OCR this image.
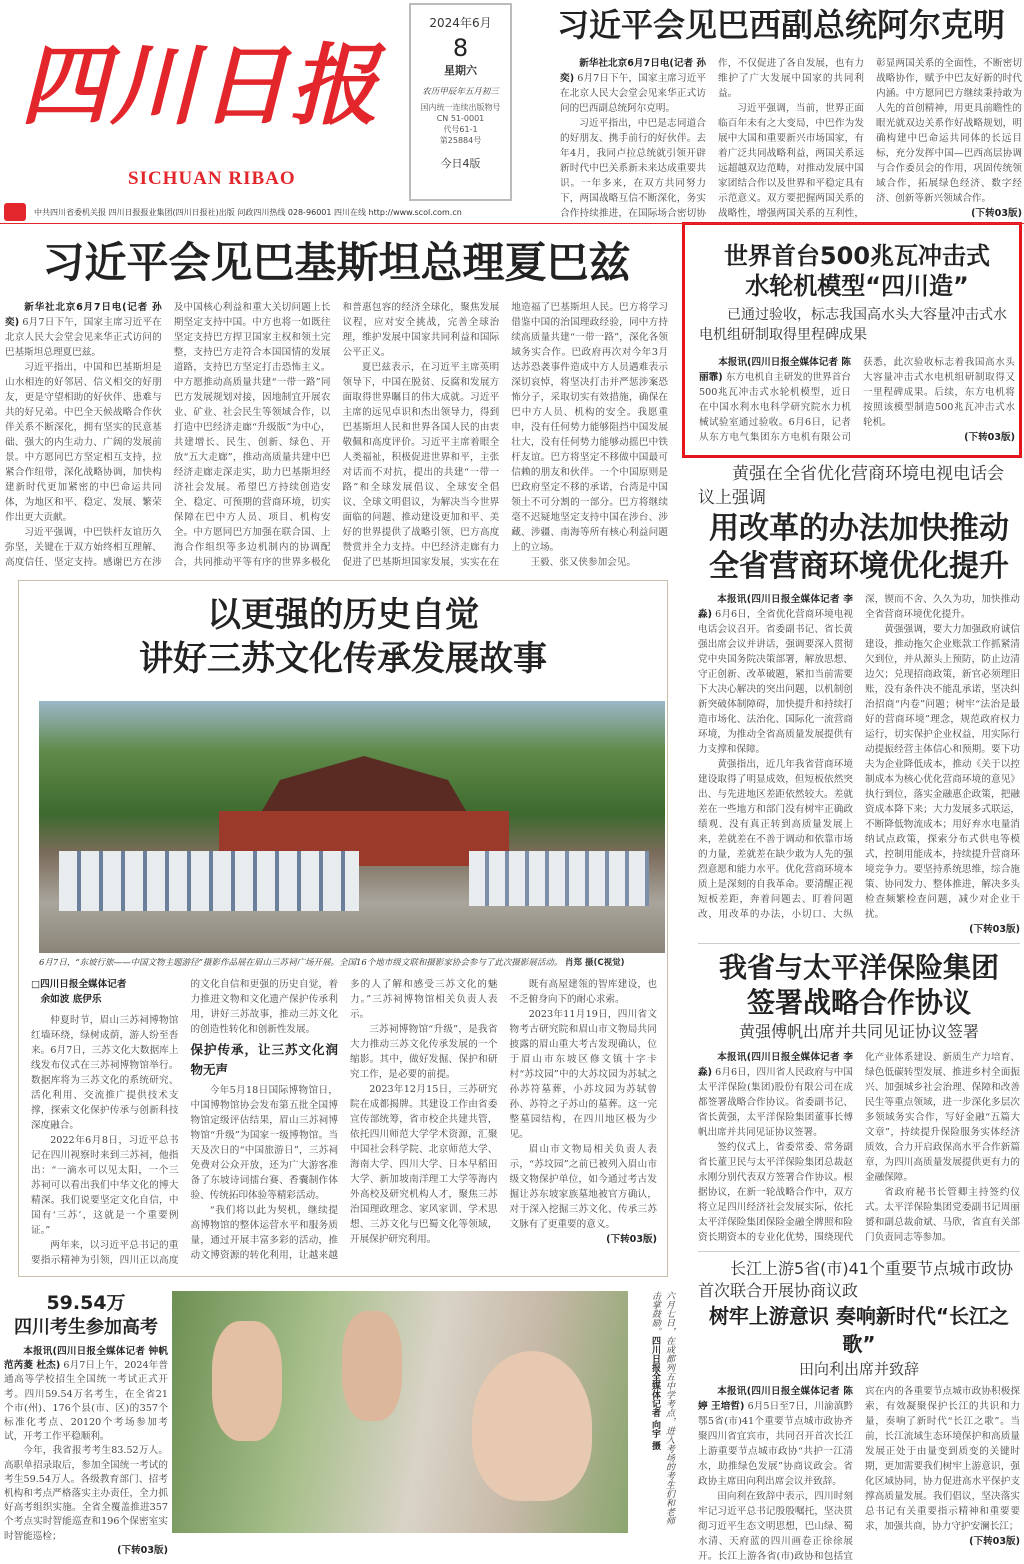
四川日报
SICHUAN RIBAO
2024年6月
8
星期六
农历甲辰年五月初三
国内统一连续出版物号
CN 51-0001
代号61-1
第25884号
今日4版
习近平会见巴西副总统阿尔克明

新华社北京6月7日电(记者 孙奕) 6月7日下午，国家主席习近平在北京人民大会堂会见来华正式访问的巴西副总统阿尔克明。

习近平指出，中巴是志同道合的好朋友、携手前行的好伙伴。去年4月，我同卢拉总统就引领开辟新时代中巴关系新未来达成重要共识。一年多来，在双方共同努力下，两国战略互信不断深化，务实合作持续推进，在国际场合密切协作，不仅促进了各自发展，也有力维护了广大发展中国家的共同利益。

习近平强调，当前，世界正面临百年未有之大变局，中巴作为发展中大国和重要新兴市场国家，有着广泛共同战略利益，两国关系远远超越双边范畴，对推动发展中国家团结合作以及世界和平稳定具有示范意义。双方要把握两国关系的战略性，增强两国关系的互利性，彰显两国关系的全面性，不断密切战略协作，赋予中巴友好新的时代内涵。中方愿同巴方继续秉持敢为人先的首创精神，用更具前瞻性的眼光就双边关系作好战略规划，明确构建中巴命运共同体的长远目标，充分发挥中国—巴西高层协调与合作委员会的作用，巩固传统领域合作，拓展绿色经济、数字经济、创新等新兴领域合作。

(下转03版)
中共四川省委机关报 四川日报报业集团(四川日报社)出版 问政四川热线 028-96001 四川在线 http://www.scol.com.cn
习近平会见巴基斯坦总理夏巴兹

新华社北京6月7日电(记者 孙奕) 6月7日下午，国家主席习近平在北京人民大会堂会见来华正式访问的巴基斯坦总理夏巴兹。

习近平指出，中国和巴基斯坦是山水相连的好邻居、信义相交的好朋友，更是守望相助的好伙伴、患难与共的好兄弟。中巴全天候战略合作伙伴关系不断深化，拥有坚实的民意基础、强大的内生动力、广阔的发展前景。中方愿同巴方坚定相互支持，拉紧合作纽带，深化战略协调，加快构建新时代更加紧密的中巴命运共同体，为地区和平、稳定、发展、繁荣作出更大贡献。

习近平强调，中巴铁杆友谊历久弥坚，关键在于双方始终相互理解、高度信任、坚定支持。感谢巴方在涉及中国核心利益和重大关切问题上长期坚定支持中国。中方也将一如既往坚定支持巴方捍卫国家主权和领土完整，支持巴方走符合本国国情的发展道路，支持巴方坚定打击恐怖主义。中方愿推动高质量共建“一带一路”同巴方发展规划对接，因地制宜开展农业、矿业、社会民生等领域合作，以打造中巴经济走廊“升级版”为中心，共建增长、民生、创新、绿色、开放“五大走廊”，推动高质量共建中巴经济走廊走深走实，助力巴基斯坦经济社会发展。希望巴方持续创造安全、稳定、可预期的营商环境，切实保障在巴中方人员、项目、机构安全。中方愿同巴方加强在联合国、上海合作组织等多边机制内的协调配合，共同推动平等有序的世界多极化和普惠包容的经济全球化，聚焦发展议程，应对安全挑战，完善全球治理，维护发展中国家共同利益和国际公平正义。

夏巴兹表示，在习近平主席英明领导下，中国在脱贫、反腐和发展方面取得世界瞩目的伟大成就。习近平主席的远见卓识和杰出领导力，得到巴基斯坦人民和世界各国人民的由衷敬佩和高度评价。习近平主席着眼全人类福祉，积极促进世界和平，主张对话而不对抗，提出的共建“一带一路”和全球发展倡议、全球安全倡议、全球文明倡议，为解决当今世界面临的问题、推动建设更加和平、美好的世界提供了战略引领，巴方高度赞赏并全力支持。中巴经济走廊有力促进了巴基斯坦国家发展，实实在在地造福了巴基斯坦人民。巴方将学习借鉴中国的治国理政经验，同中方持续高质量共建“一带一路”，深化各领域务实合作。巴政府再次对今年3月达苏恐袭事件造成中方人员遇难表示深切哀悼，将坚决打击并严惩涉案恐怖分子，采取切实有效措施，确保在巴中方人员、机构的安全。我愿重申，没有任何势力能够阻挡中国发展壮大，没有任何势力能够动摇巴中铁杆友谊。巴方将坚定不移做中国最可信赖的朋友和伙伴。一个中国原则是巴政府坚定不移的承诺，台湾是中国领土不可分割的一部分。巴方将继续毫不迟疑地坚定支持中国在涉台、涉藏、涉疆、南海等所有核心利益问题上的立场。

王毅、张又侠参加会见。

以更强的历史自觉
讲好三苏文化传承发展故事
6月7日，“东坡行旅——中国文物主题游径”摄影作品展在眉山三苏祠广场开展。全国16个地市级文联和摄影家协会参与了此次摄影展活动。 肖郑 摄(C视觉)
□四川日报全媒体记者
余如波 底伊乐

仲夏时节，眉山三苏祠博物馆红墙环绕，绿树成荫，游人纷至沓来。6月7日，三苏文化大数据库上线发布仪式在三苏祠博物馆举行。数据库将为三苏文化的系统研究、活化利用、交流推广提供技术支撑，探索文化保护传承与创新科技深度融合。

2022年6月8日，习近平总书记在四川视察时来到三苏祠，他指出：“一滴水可以见太阳，一个三苏祠可以看出我们中华文化的博大精深。我们说要坚定文化自信，中国有‘三苏’，这就是一个重要例证。”

两年来，以习近平总书记的重要指示精神为引领，四川正以高度的文化自信和更强的历史自觉，着力推进文物和文化遗产保护传承利用，讲好三苏故事，推动三苏文化的创造性转化和创新性发展。

保护传承，让三苏文化润物无声

今年5月18日国际博物馆日，中国博物馆协会发布第五批全国博物馆定级评估结果，眉山三苏祠博物馆“升级”为国家一级博物馆。当天及次日的“中国旅游日”，三苏祠免费对公众开放，还为广大游客准备了东坡诗词擂台赛、香囊制作体验、传统拓印体验等精彩活动。

“我们将以此为契机，继续提高博物馆的整体运营水平和服务质量，通过开展丰富多彩的活动，推动文博资源的转化利用，让越来越多的人了解和感受三苏文化的魅力。”三苏祠博物馆相关负责人表示。

三苏祠博物馆“升级”，是我省大力推动三苏文化传承发展的一个缩影。其中，做好发掘、保护和研究工作，是必要的前提。

2023年12月15日，三苏研究院在成都揭牌。其建设工作由省委宣传部统筹，省市校企共建共管，依托四川师范大学学术资源，汇聚中国社会科学院、北京师范大学、海南大学、四川大学、日本早稻田大学、新加坡南洋理工大学等海内外高校及研究机构人才，聚焦三苏治国理政理念、家风家训、学术思想、三苏文化与巴蜀文化等领域，开展保护研究利用。

既有高屋建瓴的智库建设，也不乏俯身向下的耐心求索。

2023年11月19日，四川省文物考古研究院和眉山市文物局共同披露的眉山重大考古发现确认，位于眉山市东坡区修文镇十字卡村“苏坟园”中的大苏坟园为苏轼之孙苏符墓葬，小苏坟园为苏轼曾孙、苏符之子苏山的墓葬。这一完整墓园结构，在四川地区极为少见。

眉山市文物局相关负责人表示，“苏坟园”之前已被列入眉山市级文物保护单位，如今通过考古发掘让苏东坡家族墓地被官方确认，对于深入挖掘三苏文化、传承三苏文脉有了更重要的意义。

(下转03版)
59.54万
四川考生参加高考

本报讯(四川日报全媒体记者 钟帆 范芮菱 杜杰) 6月7日上午，2024年普通高等学校招生全国统一考试正式开考。四川59.54万名考生，在全省21个市(州)、176个县(市、区)的357个标准化考点、20120个考场参加考试，开考工作平稳顺利。

今年，我省报考考生83.52万人。高职单招录取后，参加全国统一考试的考生59.54万人。各级教育部门、招考机构和考点严格落实主办责任，全力抓好高考组织实施。全省全覆盖推进357个考点实时智能巡查和196个保密室实时智能巡检；

(下转03版)
六月七日，在成都列五中学考点，进入考场的考生们和老师击掌鼓励。四川日报全媒体记者 向宇 摄
世界首台500兆瓦冲击式
水轮机模型“四川造”
已通过验收，标志我国高水头大容量冲击式水电机组研制取得里程碑成果

本报讯(四川日报全媒体记者 陈丽霏) 东方电机自主研发的世界首台500兆瓦冲击式水轮机模型，近日在中国水利水电科学研究院水力机械试验室通过验收。6月6日，记者从东方电气集团东方电机有限公司获悉，此次验收标志着我国高水头大容量冲击式水电机组研制取得又一里程碑成果。后续，东方电机将按照该模型制造500兆瓦冲击式水轮机。

(下转03版)
黄强在全省优化营商环境电视电话会议上强调
用改革的办法加快推动
全省营商环境优化提升

本报讯(四川日报全媒体记者 李淼) 6月6日，全省优化营商环境电视电话会议召开。省委副书记、省长黄强出席会议并讲话，强调要深入贯彻党中央国务院决策部署，解放思想、守正创新、改革破题，紧扣当前需要下大决心解决的突出问题，以机制创新突破体制障碍，加快提升和持续打造市场化、法治化、国际化一流营商环境，为推动全省高质量发展提供有力支撑和保障。

黄强指出，近几年我省营商环境建设取得了明显成效，但短板依然突出、与先进地区差距依然较大。差就差在一些地方和部门没有树牢正确政绩观、没有真正转到高质量发展上来，差就差在不善于调动和依靠市场的力量，差就差在缺少敢为人先的强烈意愿和能力水平。优化营商环境本质上是深刻的自我革命。要清醒正视短板差距，奔着问题去、盯着问题改，用改革的办法，小切口、大纵深，锲而不舍、久久为功，加快推动全省营商环境优化提升。

黄强强调，要大力加强政府诚信建设，推动拖欠企业账款工作抓紧清欠到位，并从源头上预防，防止边清边欠；兑现招商政策，新官必须理旧账，没有条件决不能乱承诺，坚决纠治招商“内卷”问题；树牢“法治是最好的营商环境”理念，规范政府权力运行，切实保护企业权益，用实际行动提振经营主体信心和预期。要下功夫为企业降低成本，推动《关于以控制成本为核心优化营商环境的意见》执行到位，落实金融惠企政策，把融资成本降下来；大力发展多式联运，不断降低物流成本；用好弃水电量消纳试点政策，探索分布式供电等模式，控制用能成本，持续提升营商环境竞争力。要坚持系统思维，综合施策、协同发力、整体推进，解决多头检查频繁检查问题，减少对企业干扰。

(下转03版)
我省与太平洋保险集团
签署战略合作协议
黄强傅帆出席并共同见证协议签署

本报讯(四川日报全媒体记者 李淼) 6月6日，四川省人民政府与中国太平洋保险(集团)股份有限公司在成都签署战略合作协议。省委副书记、省长黄强，太平洋保险集团董事长傅帆出席并共同见证协议签署。

签约仪式上，省委常委、常务副省长董卫民与太平洋保险集团总裁赵永刚分别代表双方签署合作协议。根据协议，在新一轮战略合作中，双方将立足四川经济社会发展实际，依托太平洋保险集团保险金融全牌照和险资长期资本的专业化优势，围绕现代化产业体系建设、新质生产力培育、绿色低碳转型发展、推进乡村全面振兴、加强城乡社会治理、保障和改善民生等重点领域，进一步深化多层次多领域务实合作，写好金融“五篇大文章”，持续提升保险服务实体经济质效，合力开启政保高水平合作新篇章，为四川高质量发展提供更有力的金融保障。

省政府秘书长管卿主持签约仪式。太平洋保险集团党委副书记周丽赟和副总裁俞斌、马欣，省直有关部门负责同志等参加。

长江上游5省(市)41个重要节点城市政协首次联合开展协商议政
树牢上游意识 奏响新时代“长江之歌”
田向利出席并致辞

本报讯(四川日报全媒体记者 陈婷 王培哲) 6月5日至7日，川渝滇黔鄂5省(市)41个重要节点城市政协齐聚四川省宜宾市，共同召开首次长江上游重要节点城市政协“共护一江清水，助推绿色发展”协商议政会。省政协主席田向利出席会议并致辞。

田向利在致辞中表示，四川时刻牢记习近平总书记殷殷嘱托，坚决贯彻习近平生态文明思想，巴山绿、蜀水清、天府蓝的四川画卷正徐徐展开。长江上游各省(市)政协和包括宜宾在内的各重要节点城市政协积极探索，有效凝聚保护长江的共识和力量，奏响了新时代“长江之歌”。当前，长江流域生态环境保护和高质量发展正处于由量变到质变的关键时期，更加需要我们树牢上游意识，强化区域协同，协力促进高水平保护支撑高质量发展。我们倡议，坚决落实总书记有关重要指示精神和重要要求，加强共商，协力守护安澜长江；

(下转03版)
